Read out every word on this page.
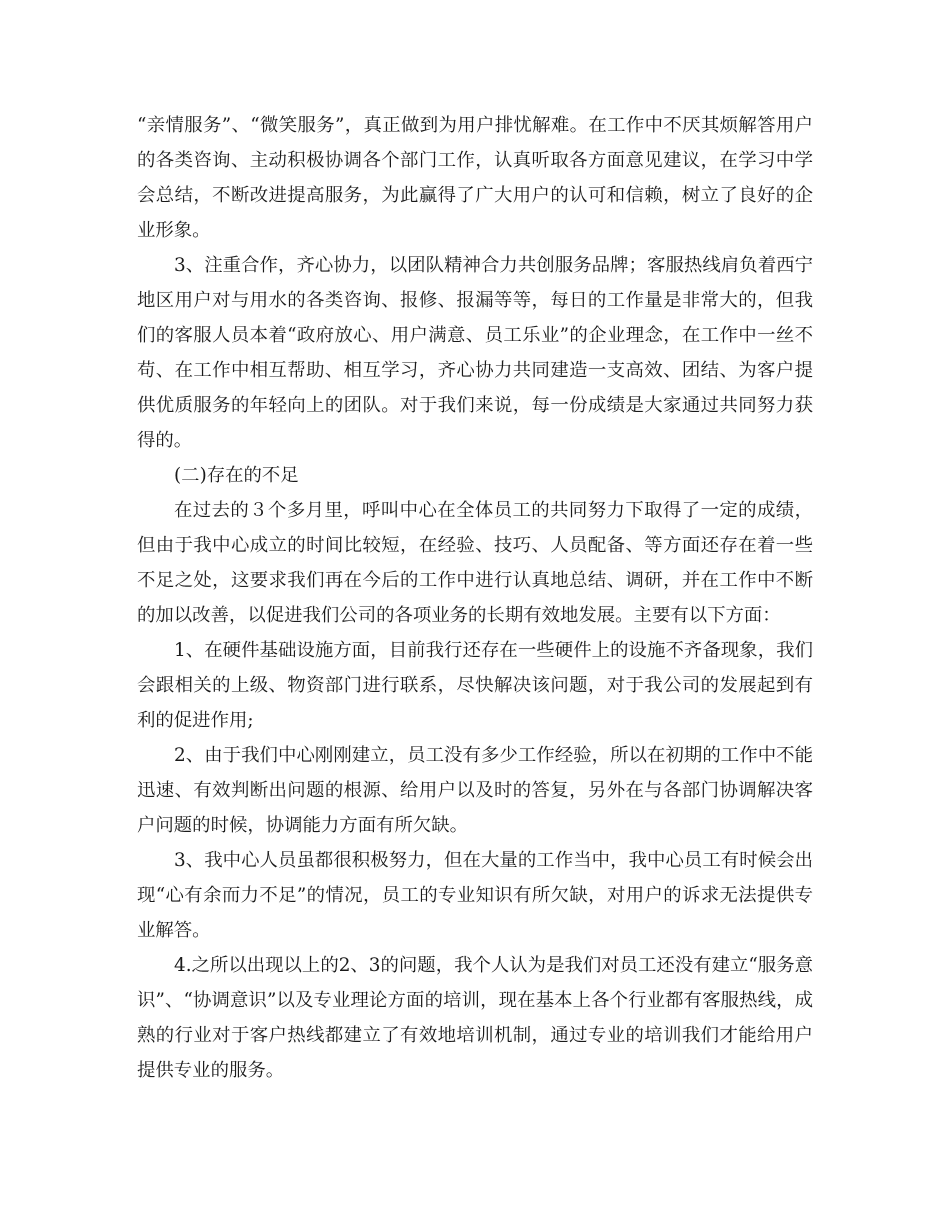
“亲情服务”、“微笑服务”，真正做到为用户排忧解难。在工作中不厌其烦解答用户的各类咨询、主动积极协调各个部门工作，认真听取各方面意见建议，在学习中学会总结，不断改进提高服务，为此赢得了广大用户的认可和信赖，树立了良好的企业形象。

3、注重合作，齐心协力，以团队精神合力共创服务品牌；客服热线肩负着西宁地区用户对与用水的各类咨询、报修、报漏等等，每日的工作量是非常大的，但我们的客服人员本着“政府放心、用户满意、员工乐业”的企业理念，在工作中一丝不苟、在工作中相互帮助、相互学习，齐心协力共同建造一支高效、团结、为客户提供优质服务的年轻向上的团队。对于我们来说，每一份成绩是大家通过共同努力获得的。

(二)存在的不足

在过去的３个多月里，呼叫中心在全体员工的共同努力下取得了一定的成绩，但由于我中心成立的时间比较短，在经验、技巧、人员配备、等方面还存在着一些不足之处，这要求我们再在今后的工作中进行认真地总结、调研，并在工作中不断的加以改善，以促进我们公司的各项业务的长期有效地发展。主要有以下方面：

1、在硬件基础设施方面，目前我行还存在一些硬件上的设施不齐备现象，我们会跟相关的上级、物资部门进行联系，尽快解决该问题，对于我公司的发展起到有利的促进作用;

2、由于我们中心刚刚建立，员工没有多少工作经验，所以在初期的工作中不能迅速、有效判断出问题的根源、给用户以及时的答复，另外在与各部门协调解决客户问题的时候，协调能力方面有所欠缺。

3、我中心人员虽都很积极努力，但在大量的工作当中，我中心员工有时候会出现“心有余而力不足”的情况，员工的专业知识有所欠缺，对用户的诉求无法提供专业解答。

4.之所以出现以上的2、3的问题，我个人认为是我们对员工还没有建立“服务意识”、“协调意识”以及专业理论方面的培训，现在基本上各个行业都有客服热线，成熟的行业对于客户热线都建立了有效地培训机制，通过专业的培训我们才能给用户提供专业的服务。
